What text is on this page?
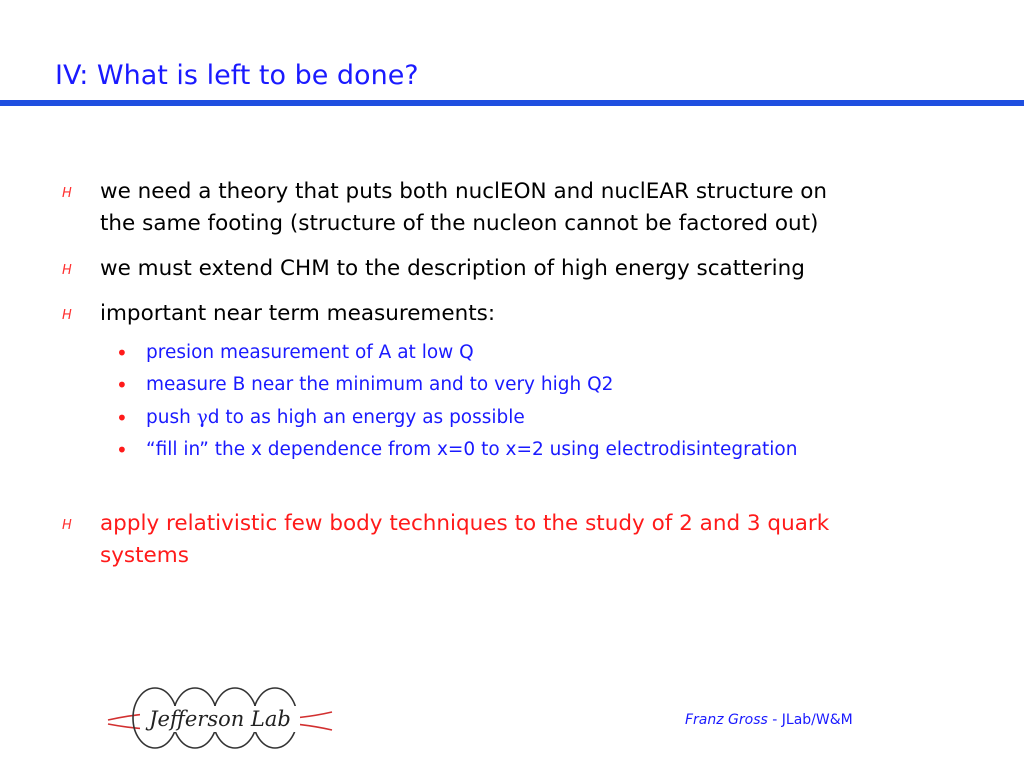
IV: What is left to be done?
H we need a theory that puts both nuclEON and nuclEAR structure on
the same footing (structure of the nucleon cannot be factored out)
H we must extend CHM to the description of high energy scattering
H important near term measurements:
• presion measurement of A at low Q
• measure B near the minimum and to very high Q2
• push γd to as high an energy as possible
• “fill in” the x dependence from x=0 to x=2 using electrodisintegration
H apply relativistic few body techniques to the study of 2 and 3 quark
systems
Jefferson Lab	Franz Gross - JLab/W&M
